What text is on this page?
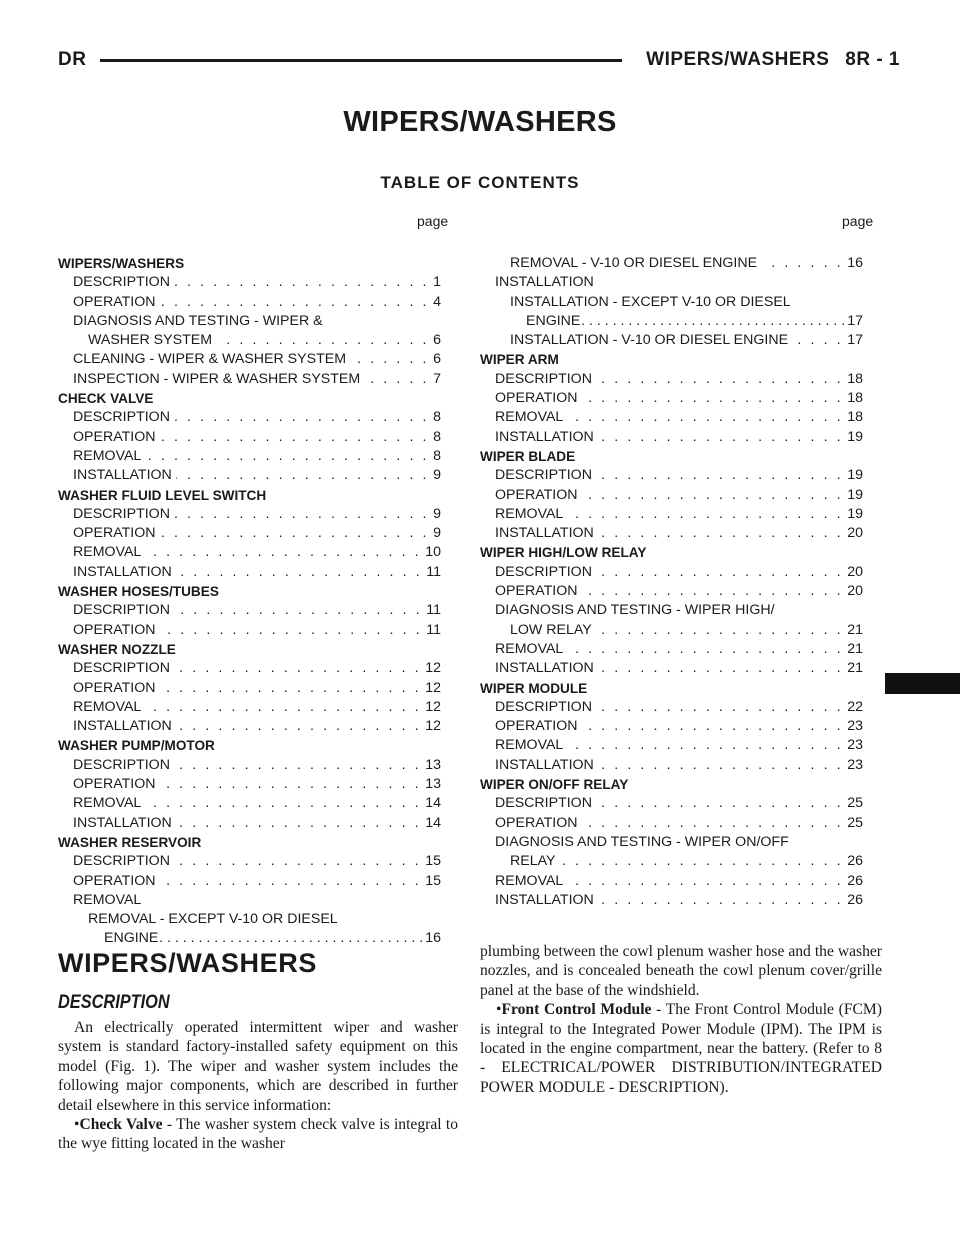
DR	WIPERS/WASHERS 8R - 1
WIPERS/WASHERS
TABLE OF CONTENTS
page	page
WIPERS/WASHERS
DESCRIPTION . . .	1
OPERATION . . .	4
DIAGNOSIS AND TESTING - WIPER &
WASHER SYSTEM . . .	6
CLEANING - WIPER & WASHER SYSTEM . . .	6
INSPECTION - WIPER & WASHER SYSTEM . . .	7
CHECK VALVE
DESCRIPTION . . .	8
OPERATION . . .	8
REMOVAL . . .	8
INSTALLATION . . .	9
WASHER FLUID LEVEL SWITCH
DESCRIPTION . . .	9
OPERATION . . .	9
REMOVAL . . .	10
INSTALLATION . . .	11
WASHER HOSES/TUBES
DESCRIPTION . . .	11
OPERATION . . .	11
WASHER NOZZLE
DESCRIPTION . . .	12
OPERATION . . .	12
REMOVAL . . .	12
INSTALLATION . . .	12
WASHER PUMP/MOTOR
DESCRIPTION . . .	13
OPERATION . . .	13
REMOVAL . . .	14
INSTALLATION . . .	14
WASHER RESERVOIR
DESCRIPTION . . .	15
OPERATION . . .	15
REMOVAL
REMOVAL - EXCEPT V-10 OR DIESEL
ENGINE . . .	16
REMOVAL - V-10 OR DIESEL ENGINE . . .	16
INSTALLATION
INSTALLATION - EXCEPT V-10 OR DIESEL
ENGINE . . .	17
INSTALLATION - V-10 OR DIESEL ENGINE . . .	17
WIPER ARM
DESCRIPTION . . .	18
OPERATION . . .	18
REMOVAL . . .	18
INSTALLATION . . .	19
WIPER BLADE
DESCRIPTION . . .	19
OPERATION . . .	19
REMOVAL . . .	19
INSTALLATION . . .	20
WIPER HIGH/LOW RELAY
DESCRIPTION . . .	20
OPERATION . . .	20
DIAGNOSIS AND TESTING - WIPER HIGH/
LOW RELAY . . .	21
REMOVAL . . .	21
INSTALLATION . . .	21
WIPER MODULE
DESCRIPTION . . .	22
OPERATION . . .	23
REMOVAL . . .	23
INSTALLATION . . .	23
WIPER ON/OFF RELAY
DESCRIPTION . . .	25
OPERATION . . .	25
DIAGNOSIS AND TESTING - WIPER ON/OFF
RELAY . . .	26
REMOVAL . . .	26
INSTALLATION . . .	26
WIPERS/WASHERS
DESCRIPTION

An electrically operated intermittent wiper and washer system is standard factory-installed safety equipment on this model (Fig. 1). The wiper and washer system includes the following major components, which are described in further detail elsewhere in this service information:

•Check Valve - The washer system check valve is integral to the wye fitting located in the washer

plumbing between the cowl plenum washer hose and the washer nozzles, and is concealed beneath the cowl plenum cover/grille panel at the base of the windshield.

•Front Control Module - The Front Control Module (FCM) is integral to the Integrated Power Module (IPM). The IPM is located in the engine compartment, near the battery. (Refer to 8 - ELECTRICAL/POWER DISTRIBUTION/INTEGRATED POWER MODULE - DESCRIPTION).
